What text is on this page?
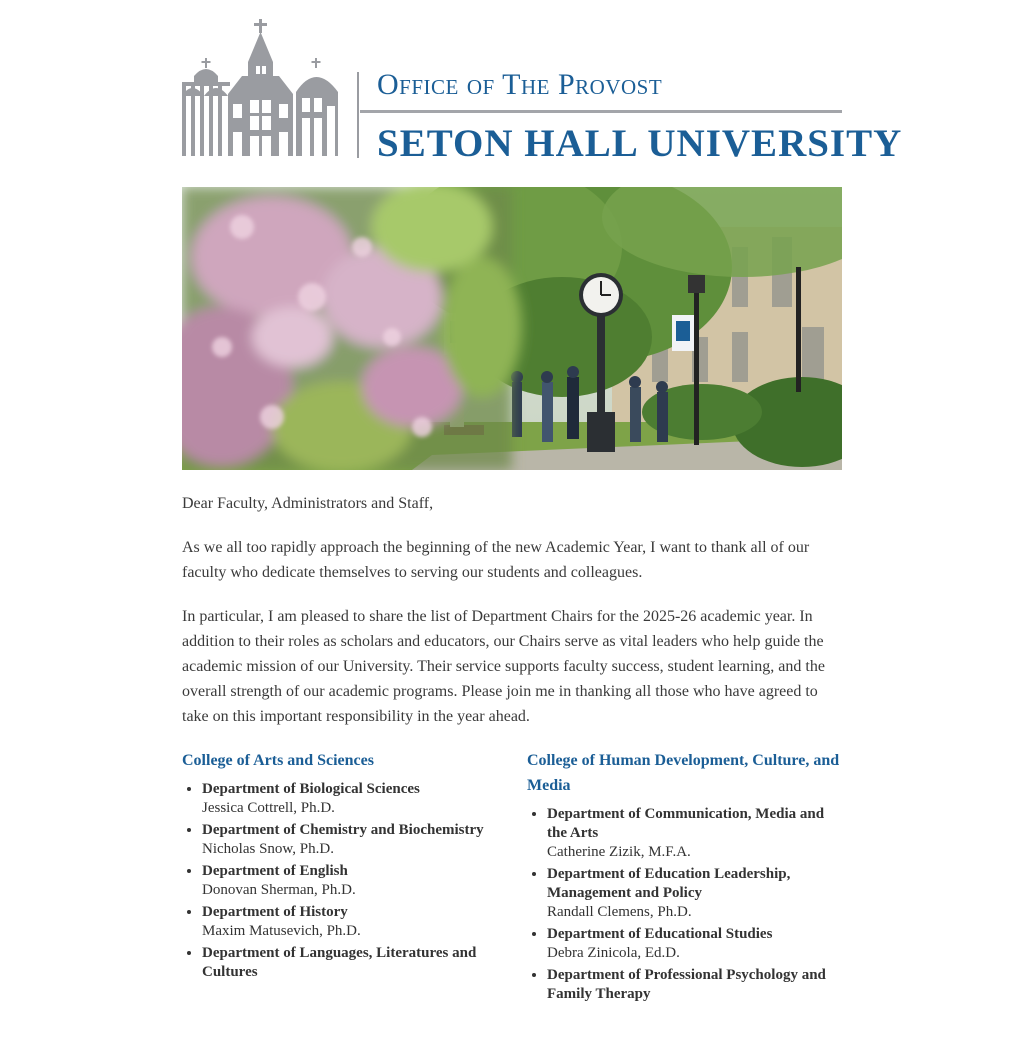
Office of The Provost
SETON HALL UNIVERSITY

Dear Faculty, Administrators and Staff,

As we all too rapidly approach the beginning of the new Academic Year, I want to thank all of our faculty who dedicate themselves to serving our students and colleagues.

In particular, I am pleased to share the list of Department Chairs for the 2025-26 academic year. In addition to their roles as scholars and educators, our Chairs serve as vital leaders who help guide the academic mission of our University. Their service supports faculty success, student learning, and the overall strength of our academic programs. Please join me in thanking all those who have agreed to take on this important responsibility in the year ahead.

College of Arts and Sciences
• Department of Biological Sciences
Jessica Cottrell, Ph.D.
• Department of Chemistry and Biochemistry
Nicholas Snow, Ph.D.
• Department of English
Donovan Sherman, Ph.D.
• Department of History
Maxim Matusevich, Ph.D.
• Department of Languages, Literatures and Cultures
College of Human Development, Culture, and Media
• Department of Communication, Media and the Arts
Catherine Zizik, M.F.A.
• Department of Education Leadership, Management and Policy
Randall Clemens, Ph.D.
• Department of Educational Studies
Debra Zinicola, Ed.D.
• Department of Professional Psychology and Family Therapy
